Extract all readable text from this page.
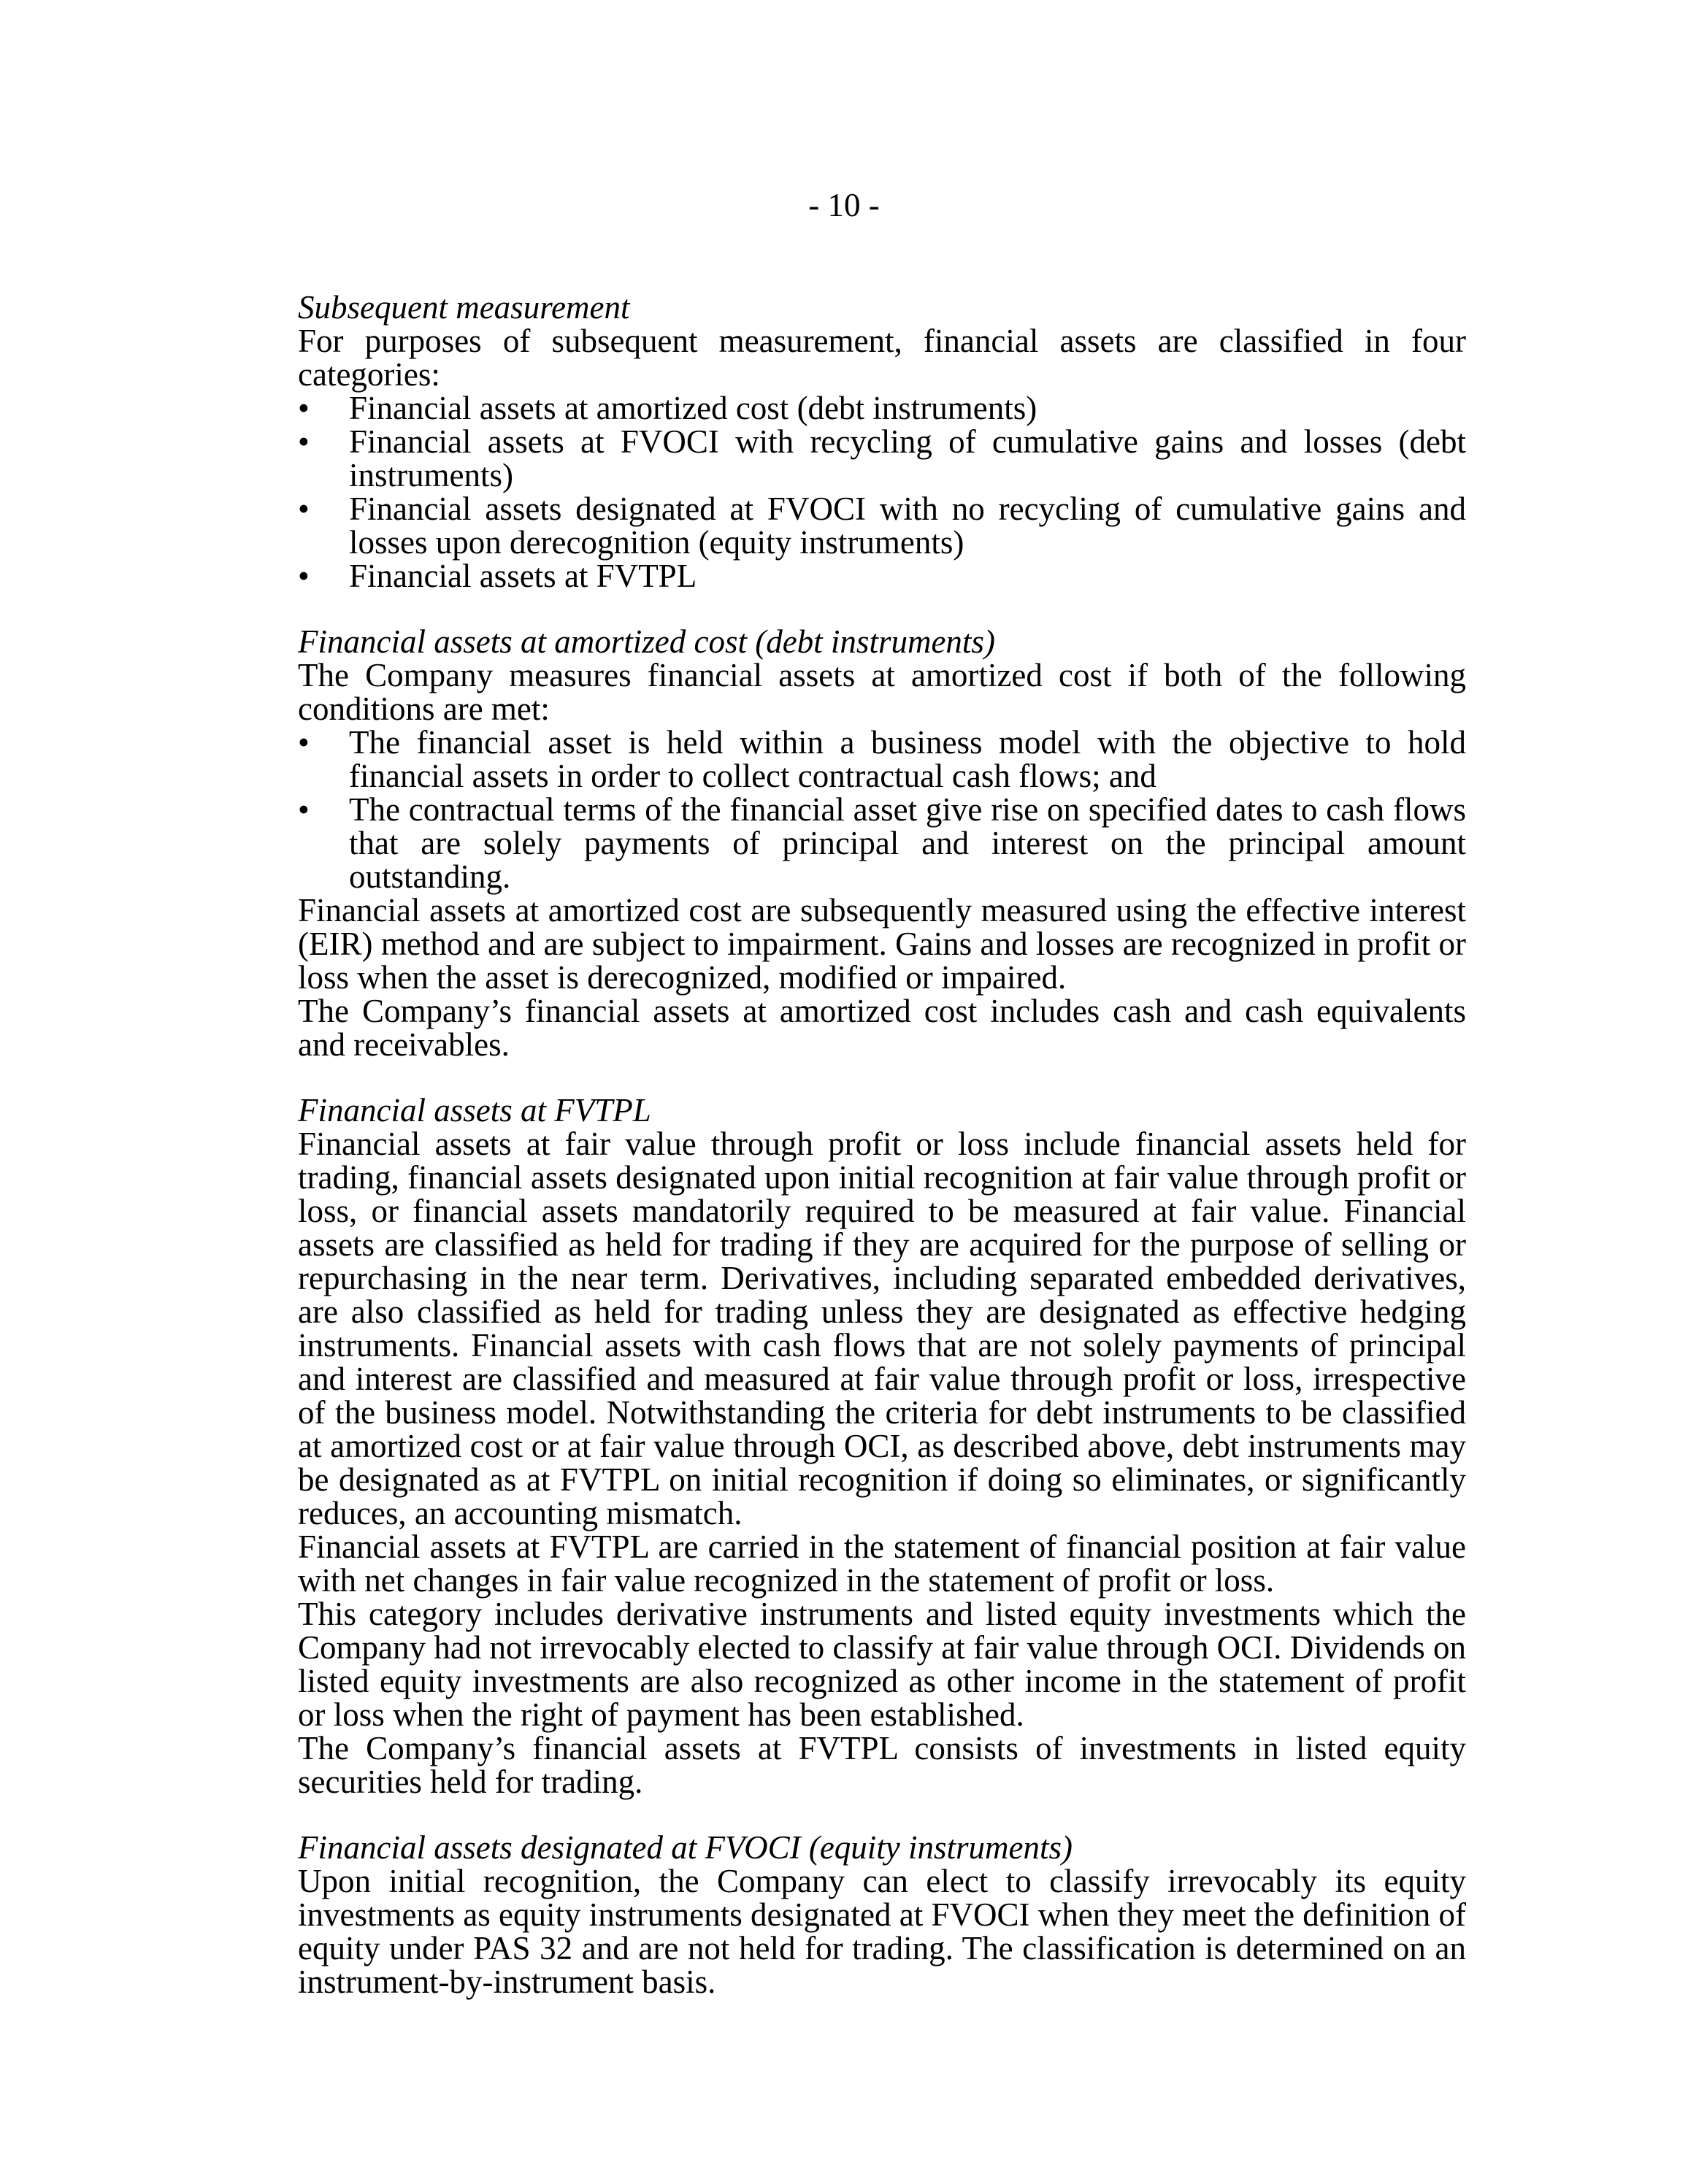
- 10 -

Subsequent measurement

For purposes of subsequent measurement, financial assets are classified in four categories:

•	Financial assets at amortized cost (debt instruments)
•	Financial assets at FVOCI with recycling of cumulative gains and losses (debt instruments)
•	Financial assets designated at FVOCI with no recycling of cumulative gains and losses upon derecognition (equity instruments)
•	Financial assets at FVTPL

Financial assets at amortized cost (debt instruments)

The Company measures financial assets at amortized cost if both of the following conditions are met:

•	The financial asset is held within a business model with the objective to hold financial assets in order to collect contractual cash flows; and
•	The contractual terms of the financial asset give rise on specified dates to cash flows that are solely payments of principal and interest on the principal amount outstanding.

Financial assets at amortized cost are subsequently measured using the effective interest (EIR) method and are subject to impairment. Gains and losses are recognized in profit or loss when the asset is derecognized, modified or impaired.

The Company’s financial assets at amortized cost includes cash and cash equivalents and receivables.

Financial assets at FVTPL

Financial assets at fair value through profit or loss include financial assets held for trading, financial assets designated upon initial recognition at fair value through profit or loss, or financial assets mandatorily required to be measured at fair value. Financial assets are classified as held for trading if they are acquired for the purpose of selling or repurchasing in the near term. Derivatives, including separated embedded derivatives, are also classified as held for trading unless they are designated as effective hedging instruments. Financial assets with cash flows that are not solely payments of principal and interest are classified and measured at fair value through profit or loss, irrespective of the business model. Notwithstanding the criteria for debt instruments to be classified at amortized cost or at fair value through OCI, as described above, debt instruments may be designated as at FVTPL on initial recognition if doing so eliminates, or significantly reduces, an accounting mismatch.

Financial assets at FVTPL are carried in the statement of financial position at fair value with net changes in fair value recognized in the statement of profit or loss.

This category includes derivative instruments and listed equity investments which the Company had not irrevocably elected to classify at fair value through OCI. Dividends on listed equity investments are also recognized as other income in the statement of profit or loss when the right of payment has been established.

The Company’s financial assets at FVTPL consists of investments in listed equity securities held for trading.

Financial assets designated at FVOCI (equity instruments)

Upon initial recognition, the Company can elect to classify irrevocably its equity investments as equity instruments designated at FVOCI when they meet the definition of equity under PAS 32 and are not held for trading. The classification is determined on an instrument-by-instrument basis.
